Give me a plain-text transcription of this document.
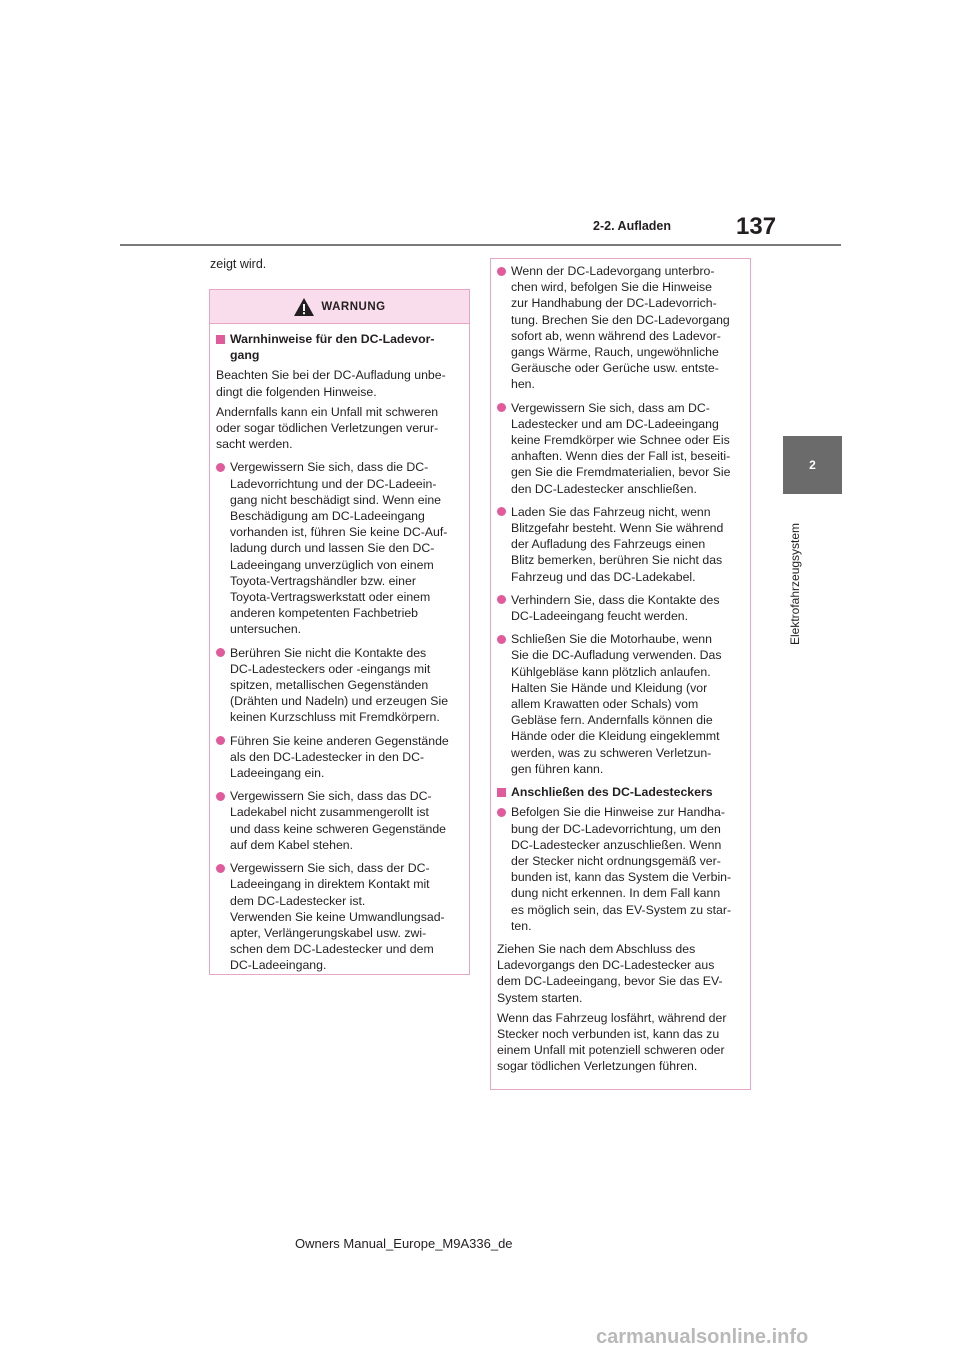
2-2. Aufladen	137
2
Elektrofahrzeugsystem
zeigt wird.
WARNUNG
Warnhinweise für den DC-Ladevor-
gang

Beachten Sie bei der DC-Aufladung unbe-
dingt die folgenden Hinweise.

Andernfalls kann ein Unfall mit schweren
oder sogar tödlichen Verletzungen verur-
sacht werden.

Vergewissern Sie sich, dass die DC-
Ladevorrichtung und der DC-Ladeein-
gang nicht beschädigt sind. Wenn eine
Beschädigung am DC-Ladeeingang
vorhanden ist, führen Sie keine DC-Auf-
ladung durch und lassen Sie den DC-
Ladeeingang unverzüglich von einem
Toyota-Vertragshändler bzw. einer
Toyota-Vertragswerkstatt oder einem
anderen kompetenten Fachbetrieb
untersuchen.
Berühren Sie nicht die Kontakte des
DC-Ladesteckers oder -eingangs mit
spitzen, metallischen Gegenständen
(Drähten und Nadeln) und erzeugen Sie
keinen Kurzschluss mit Fremdkörpern.
Führen Sie keine anderen Gegenstände
als den DC-Ladestecker in den DC-
Ladeeingang ein.
Vergewissern Sie sich, dass das DC-
Ladekabel nicht zusammengerollt ist
und dass keine schweren Gegenstände
auf dem Kabel stehen.
Vergewissern Sie sich, dass der DC-
Ladeeingang in direktem Kontakt mit
dem DC-Ladestecker ist.
Verwenden Sie keine Umwandlungsad-
apter, Verlängerungskabel usw. zwi-
schen dem DC-Ladestecker und dem
DC-Ladeeingang.
Wenn der DC-Ladevorgang unterbro-
chen wird, befolgen Sie die Hinweise
zur Handhabung der DC-Ladevorrich-
tung. Brechen Sie den DC-Ladevorgang
sofort ab, wenn während des Ladevor-
gangs Wärme, Rauch, ungewöhnliche
Geräusche oder Gerüche usw. entste-
hen.
Vergewissern Sie sich, dass am DC-
Ladestecker und am DC-Ladeeingang
keine Fremdkörper wie Schnee oder Eis
anhaften. Wenn dies der Fall ist, beseiti-
gen Sie die Fremdmaterialien, bevor Sie
den DC-Ladestecker anschließen.
Laden Sie das Fahrzeug nicht, wenn
Blitzgefahr besteht. Wenn Sie während
der Aufladung des Fahrzeugs einen
Blitz bemerken, berühren Sie nicht das
Fahrzeug und das DC-Ladekabel.
Verhindern Sie, dass die Kontakte des
DC-Ladeeingang feucht werden.
Schließen Sie die Motorhaube, wenn
Sie die DC-Aufladung verwenden. Das
Kühlgebläse kann plötzlich anlaufen.
Halten Sie Hände und Kleidung (vor
allem Krawatten oder Schals) vom
Gebläse fern. Andernfalls können die
Hände oder die Kleidung eingeklemmt
werden, was zu schweren Verletzun-
gen führen kann.
Anschließen des DC-Ladesteckers
Befolgen Sie die Hinweise zur Handha-
bung der DC-Ladevorrichtung, um den
DC-Ladestecker anzuschließen. Wenn
der Stecker nicht ordnungsgemäß ver-
bunden ist, kann das System die Verbin-
dung nicht erkennen. In dem Fall kann
es möglich sein, das EV-System zu star-
ten.

Ziehen Sie nach dem Abschluss des
Ladevorgangs den DC-Ladestecker aus
dem DC-Ladeeingang, bevor Sie das EV-
System starten.

Wenn das Fahrzeug losfährt, während der
Stecker noch verbunden ist, kann das zu
einem Unfall mit potenziell schweren oder
sogar tödlichen Verletzungen führen.

Owners Manual_Europe_M9A336_de
carmanualsonline.info
